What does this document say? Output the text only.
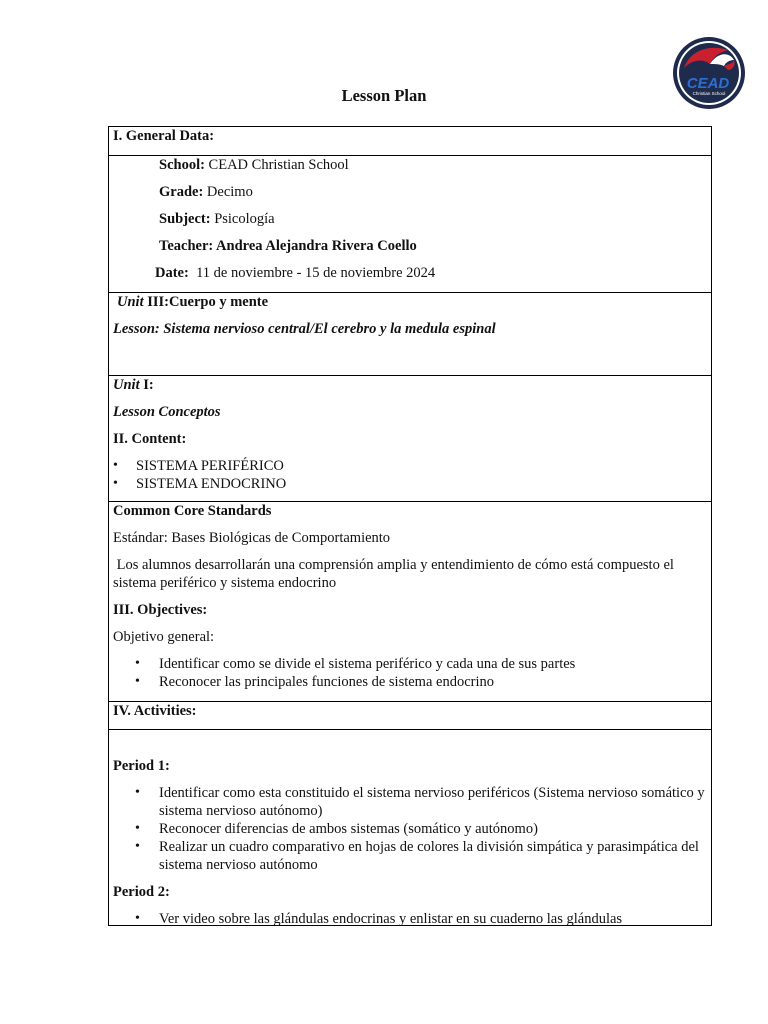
CEAD
Christian School
Lesson Plan
I. General Data:
School: CEAD Christian School
Grade: Decimo
Subject: Psicología
Teacher: Andrea Alejandra Rivera Coello
Date:  11 de noviembre - 15 de noviembre 2024
Unit III:Cuerpo y mente
Lesson: Sistema nervioso central/El cerebro y la medula espinal
Unit I:
Lesson Conceptos
II. Content:
• SISTEMA PERIFÉRICO
• SISTEMA ENDOCRINO
Common Core Standards
Estándar: Bases Biológicas de Comportamiento
Los alumnos desarrollarán una comprensión amplia y entendimiento de cómo está compuesto el sistema periférico y sistema endocrino
III. Objectives:
Objetivo general:
• Identificar como se divide el sistema periférico y cada una de sus partes
• Reconocer las principales funciones de sistema endocrino
IV. Activities:
Period 1:
• Identificar como esta constituido el sistema nervioso periféricos (Sistema nervioso somático y sistema nervioso autónomo)
• Reconocer diferencias de ambos sistemas (somático y autónomo)
• Realizar un cuadro comparativo en hojas de colores la división simpática y parasimpática del sistema nervioso autónomo
Period 2:
• Ver video sobre las glándulas endocrinas y enlistar en su cuaderno las glándulas
